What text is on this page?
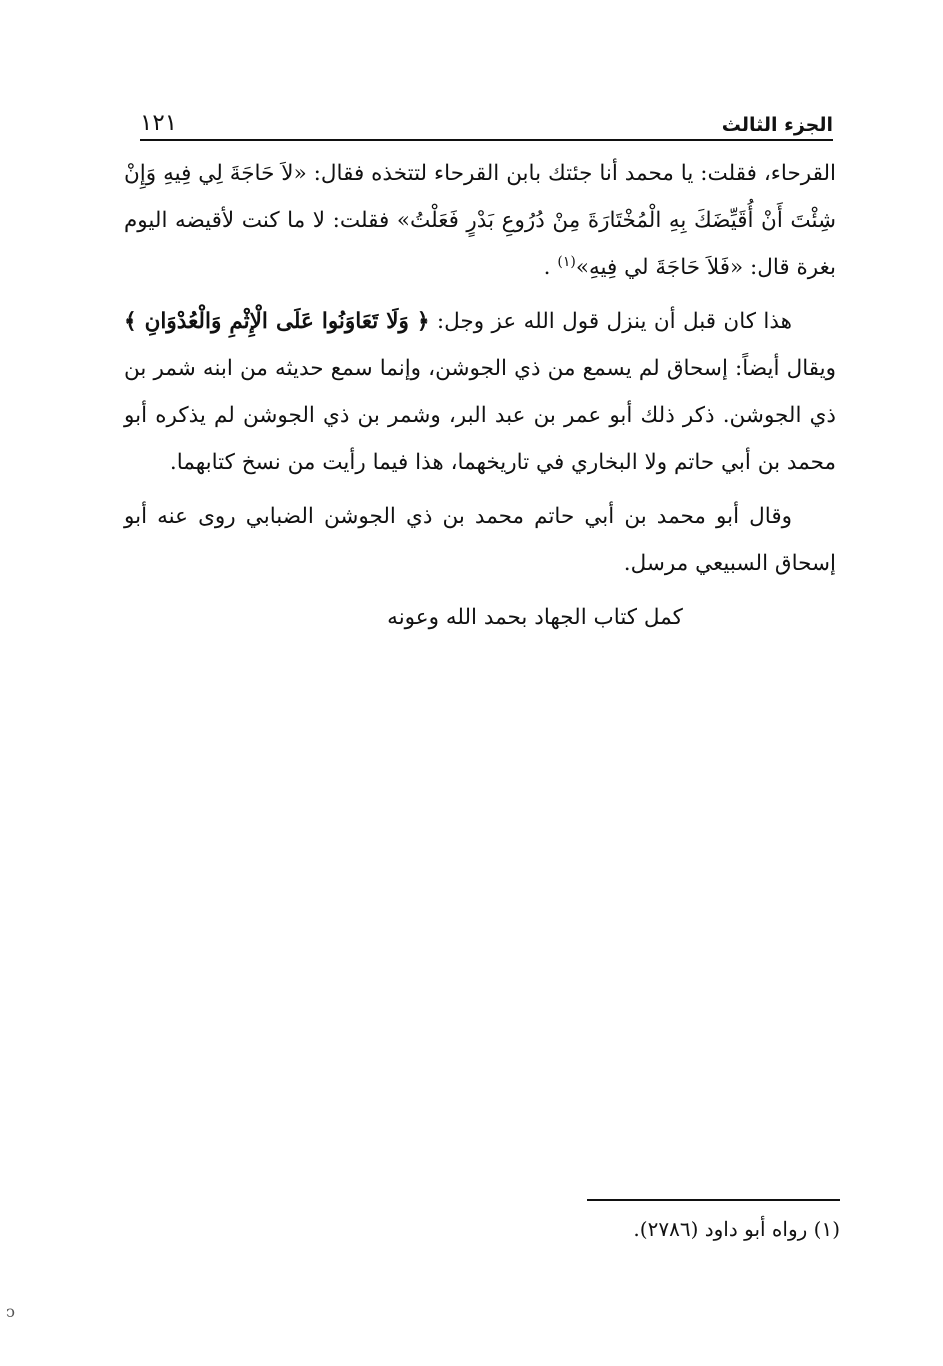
الجزء الثالث
١٢١

القرحاء، فقلت: يا محمد أنا جئتك بابن القرحاء لتتخذه فقال: «لاَ حَاجَةَ لِي فِيهِ وَإِنْ شِئْتَ أَنْ أُقَيِّضَكَ بِهِ الْمُخْتَارَةَ مِنْ دُرُوعِ بَدْرٍ فَعَلْتُ» فقلت: لا ما كنت لأقيضه اليوم بغرة قال: «فَلاَ حَاجَةَ لي فِيهِ»$^{(١)}$ .

هذا كان قبل أن ينزل قول الله عز وجل: ﴿ وَلَا تَعَاوَنُوا عَلَى الْإِثْمِ وَالْعُدْوَانِ ﴾ ويقال أيضاً: إسحاق لم يسمع من ذي الجوشن، وإنما سمع حديثه من ابنه شمر بن ذي الجوشن. ذكر ذلك أبو عمر بن عبد البر، وشمر بن ذي الجوشن لم يذكره أبو محمد بن أبي حاتم ولا البخاري في تاريخهما، هذا فيما رأيت من نسخ كتابهما.

وقال أبو محمد بن أبي حاتم محمد بن ذي الجوشن الضبابي روى عنه أبو إسحاق السبيعي مرسل.

كمل كتاب الجهاد بحمد الله وعونه

(١) رواه أبو داود (٢٧٨٦).
ↄ
